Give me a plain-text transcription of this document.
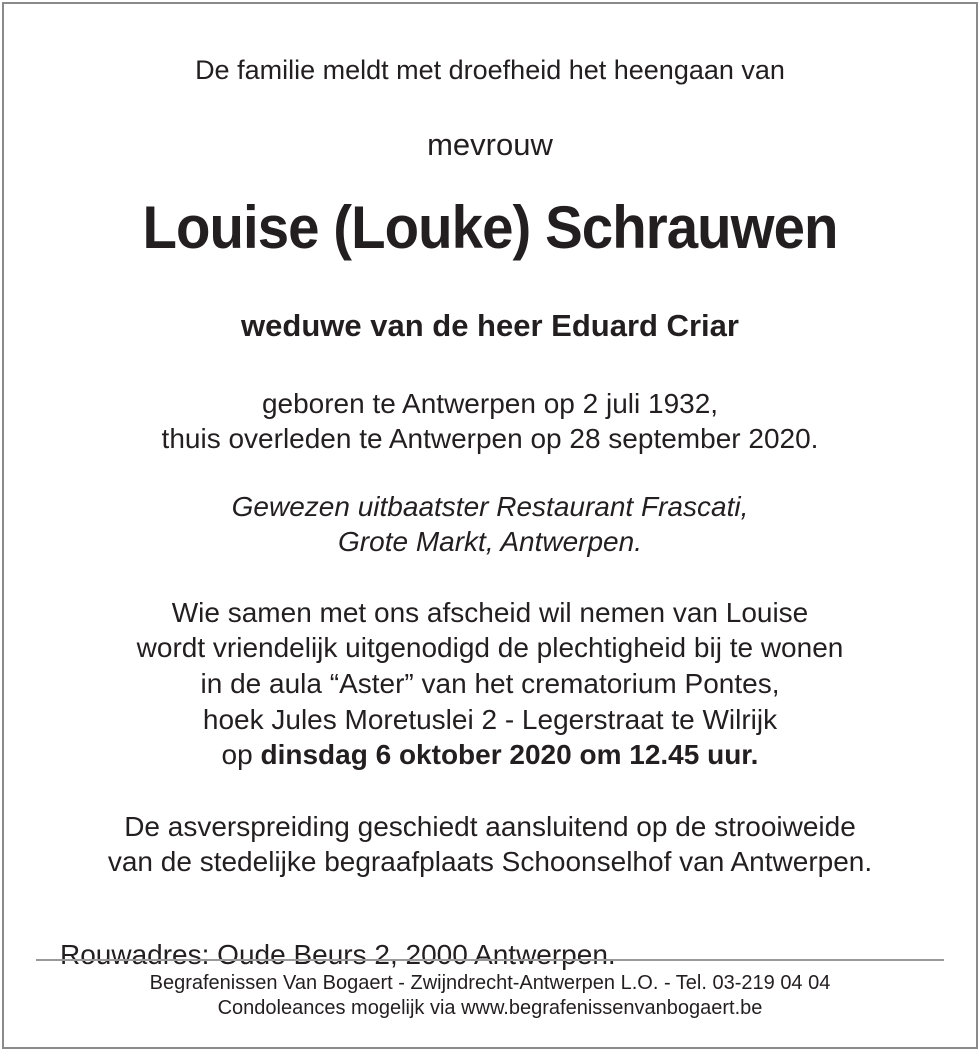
De familie meldt met droefheid het heengaan van

mevrouw

Louise (Louke) Schrauwen

weduwe van de heer Eduard Criar

geboren te Antwerpen op 2 juli 1932,

thuis overleden te Antwerpen op 28 september 2020.

Gewezen uitbaatster Restaurant Frascati,

Grote Markt, Antwerpen.

Wie samen met ons afscheid wil nemen van Louise

wordt vriendelijk uitgenodigd de plechtigheid bij te wonen

in de aula “Aster” van het crematorium Pontes,

hoek Jules Moretuslei 2 - Legerstraat te Wilrijk

op dinsdag 6 oktober 2020 om 12.45 uur.

De asverspreiding geschiedt aansluitend op de strooiweide

van de stedelijke begraafplaats Schoonselhof van Antwerpen.

Rouwadres: Oude Beurs 2, 2000 Antwerpen.

Begrafenissen Van Bogaert - Zwijndrecht-Antwerpen L.O. - Tel. 03-219 04 04

Condoleances mogelijk via www.begrafenissenvanbogaert.be
